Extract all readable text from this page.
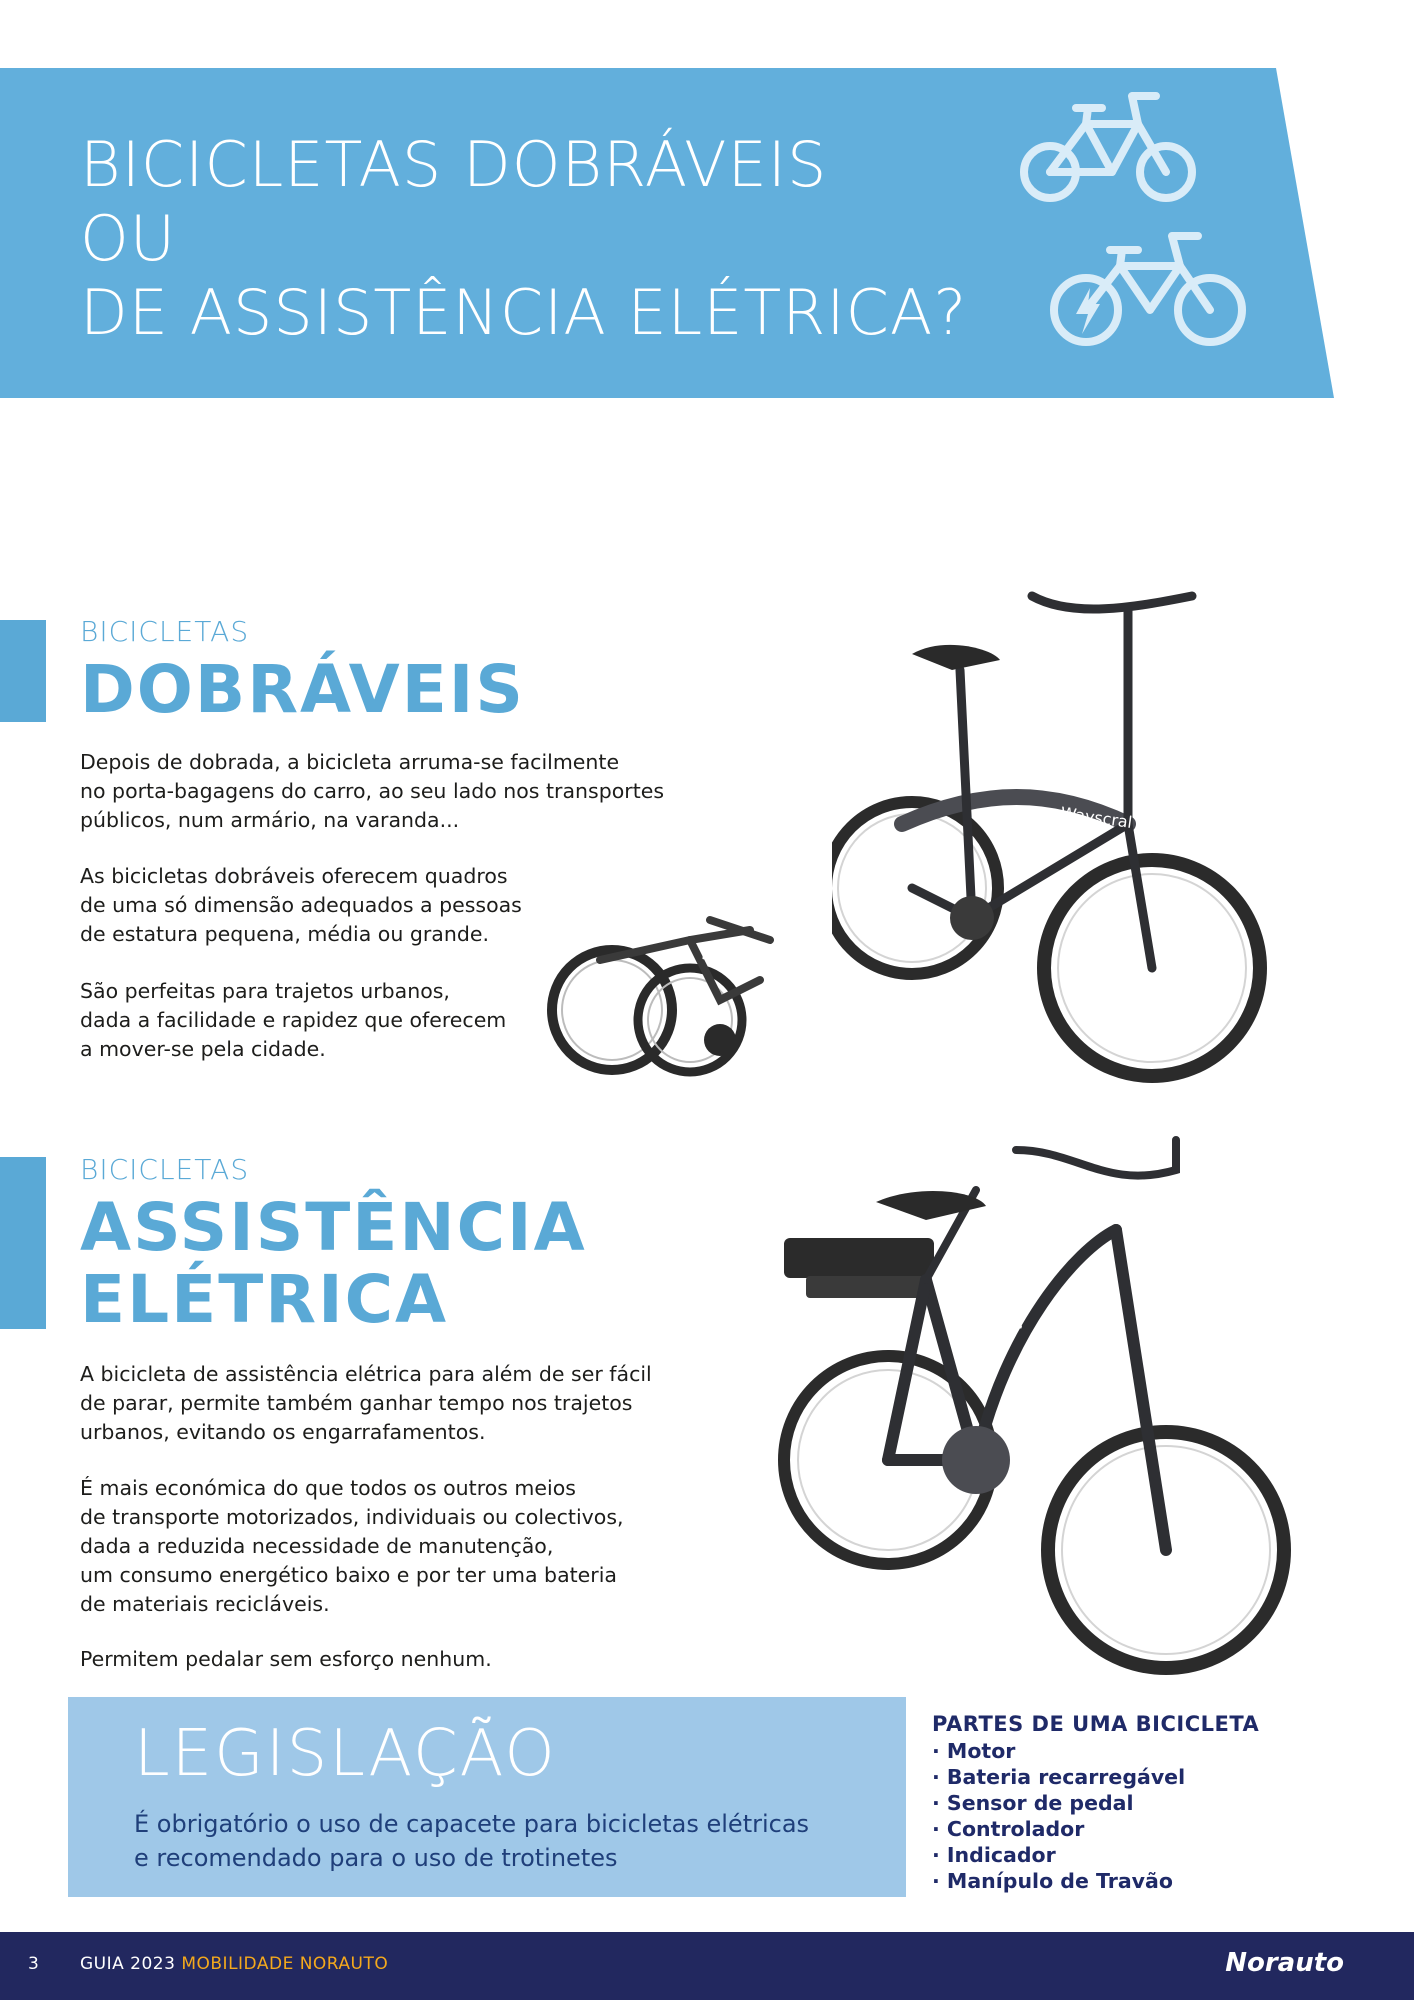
BICICLETAS DOBRÁVEIS
OU
DE ASSISTÊNCIA ELÉTRICA?
BICICLETAS
DOBRÁVEIS
Depois de dobrada, a bicicleta arruma-se facilmente
no porta-bagagens do carro, ao seu lado nos transportes
públicos, num armário, na varanda...
As bicicletas dobráveis oferecem quadros
de uma só dimensão adequados a pessoas
de estatura pequena, média ou grande.
São perfeitas para trajetos urbanos,
dada a facilidade e rapidez que oferecem
a mover-se pela cidade.
Wayscral
Wayscral
BICICLETAS
ASSISTÊNCIA
ELÉTRICA
A bicicleta de assistência elétrica para além de ser fácil
de parar, permite também ganhar tempo nos trajetos
urbanos, evitando os engarrafamentos.
É mais económica do que todos os outros meios
de transporte motorizados, individuais ou colectivos,
dada a reduzida necessidade de manutenção,
um consumo energético baixo e por ter uma bateria
de materiais recicláveis.
Permitem pedalar sem esforço nenhum.
Wayscral
LEGISLAÇÃO
É obrigatório o uso de capacete para bicicletas elétricas
e recomendado para o uso de trotinetes
PARTES DE UMA BICICLETA
· Motor
· Bateria recarregável
· Sensor de pedal
· Controlador
· Indicador
· Manípulo de Travão
3 GUIA 2023 MOBILIDADE NORAUTO	Norauto
